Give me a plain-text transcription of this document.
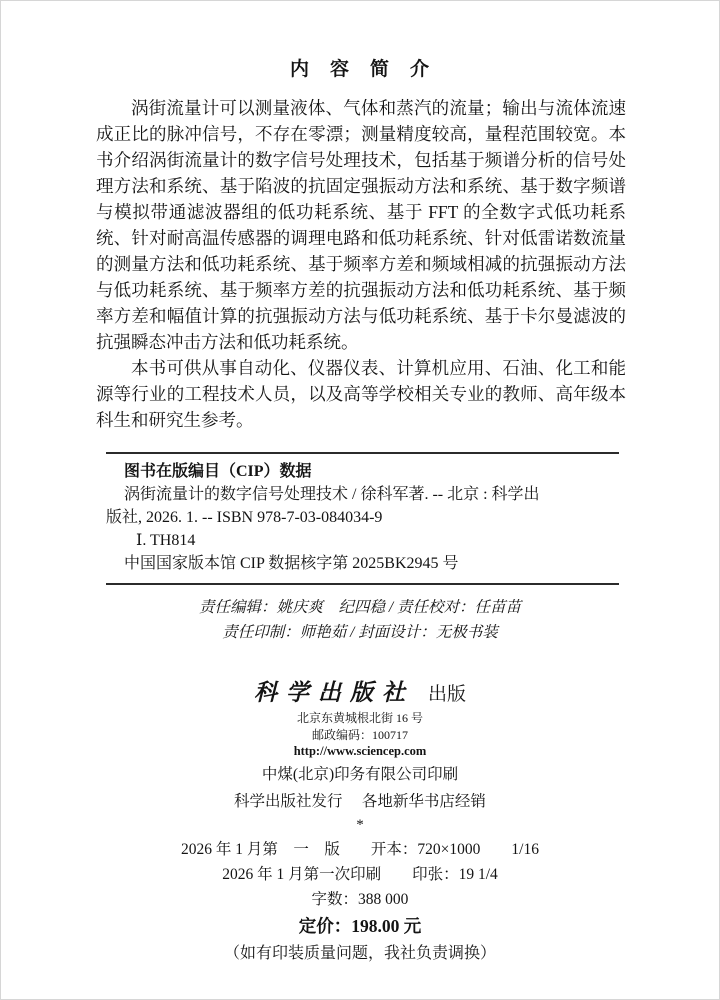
内　容　简　介

涡街流量计可以测量液体、气体和蒸汽的流量；输出与流体流速成正比的脉冲信号，不存在零漂；测量精度较高，量程范围较宽。本书介绍涡街流量计的数字信号处理技术，包括基于频谱分析的信号处理方法和系统、基于陷波的抗固定强振动方法和系统、基于数字频谱与模拟带通滤波器组的低功耗系统、基于 FFT 的全数字式低功耗系统、针对耐高温传感器的调理电路和低功耗系统、针对低雷诺数流量的测量方法和低功耗系统、基于频率方差和频域相减的抗强振动方法与低功耗系统、基于频率方差的抗强振动方法和低功耗系统、基于频率方差和幅值计算的抗强振动方法与低功耗系统、基于卡尔曼滤波的抗强瞬态冲击方法和低功耗系统。

本书可供从事自动化、仪器仪表、计算机应用、石油、化工和能源等行业的工程技术人员，以及高等学校相关专业的教师、高年级本科生和研究生参考。

图书在版编目（CIP）数据
涡街流量计的数字信号处理技术 / 徐科军著. -- 北京 : 科学出
版社, 2026. 1. -- ISBN 978-7-03-084034-9
Ⅰ. TH814
中国国家版本馆 CIP 数据核字第 2025BK2945 号
责任编辑：姚庆爽　纪四稳 / 责任校对：任苗苗
责任印制：师艳茹 / 封面设计：无极书装
科学出版社 出版
北京东黄城根北街 16 号
邮政编码：100717
http://www.sciencep.com
中煤(北京)印务有限公司印刷
科学出版社发行　 各地新华书店经销
*
2026 年 1 月第　一　版　　开本：720×1000　　1/16
2026 年 1 月第一次印刷　　印张：19 1/4
字数：388 000
定价：198.00 元
（如有印装质量问题，我社负责调换）
